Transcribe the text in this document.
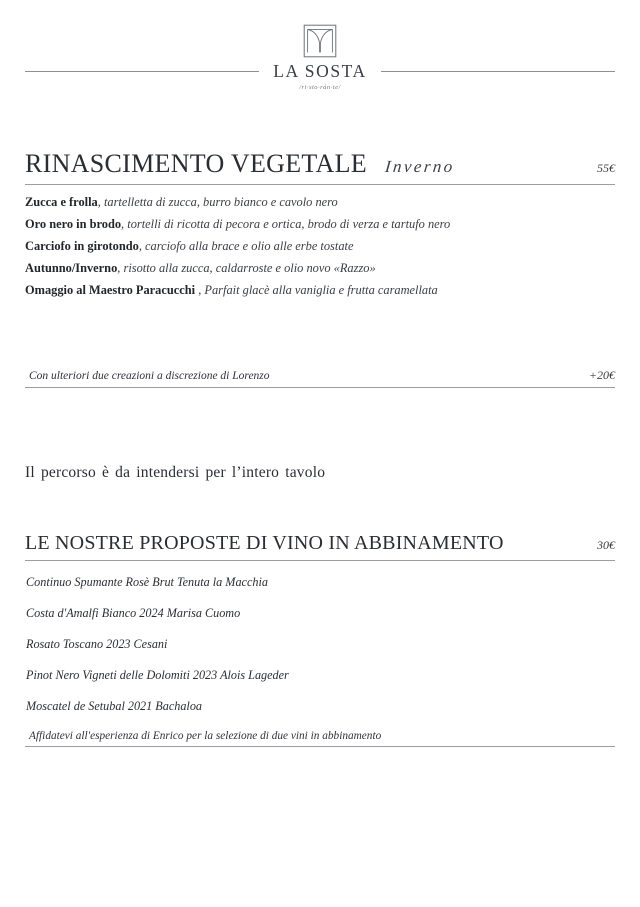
LA SOSTA
/ri·sto·rán·te/
RINASCIMENTO VEGETALE Inverno	55€
Zucca e frolla, tartelletta di zucca, burro bianco e cavolo nero
Oro nero in brodo, tortelli di ricotta di pecora e ortica, brodo di verza e tartufo nero
Carciofo in girotondo, carciofo alla brace e olio alle erbe tostate
Autunno/Inverno, risotto alla zucca, caldarroste e olio novo «Razzo»
Omaggio al Maestro Paracucchi , Parfait glacè alla vaniglia e frutta caramellata
Con ulteriori due creazioni a discrezione di Lorenzo	+20€
Il percorso è da intendersi per l’intero tavolo
LE NOSTRE PROPOSTE DI VINO IN ABBINAMENTO	30€
Continuo Spumante Rosè Brut Tenuta la Macchia
Costa d'Amalfi Bianco 2024 Marisa Cuomo
Rosato Toscano 2023 Cesani
Pinot Nero Vigneti delle Dolomiti 2023 Alois Lageder
Moscatel de Setubal 2021 Bachaloa
Affidatevi all'esperienza di Enrico per la selezione di due vini in abbinamento
